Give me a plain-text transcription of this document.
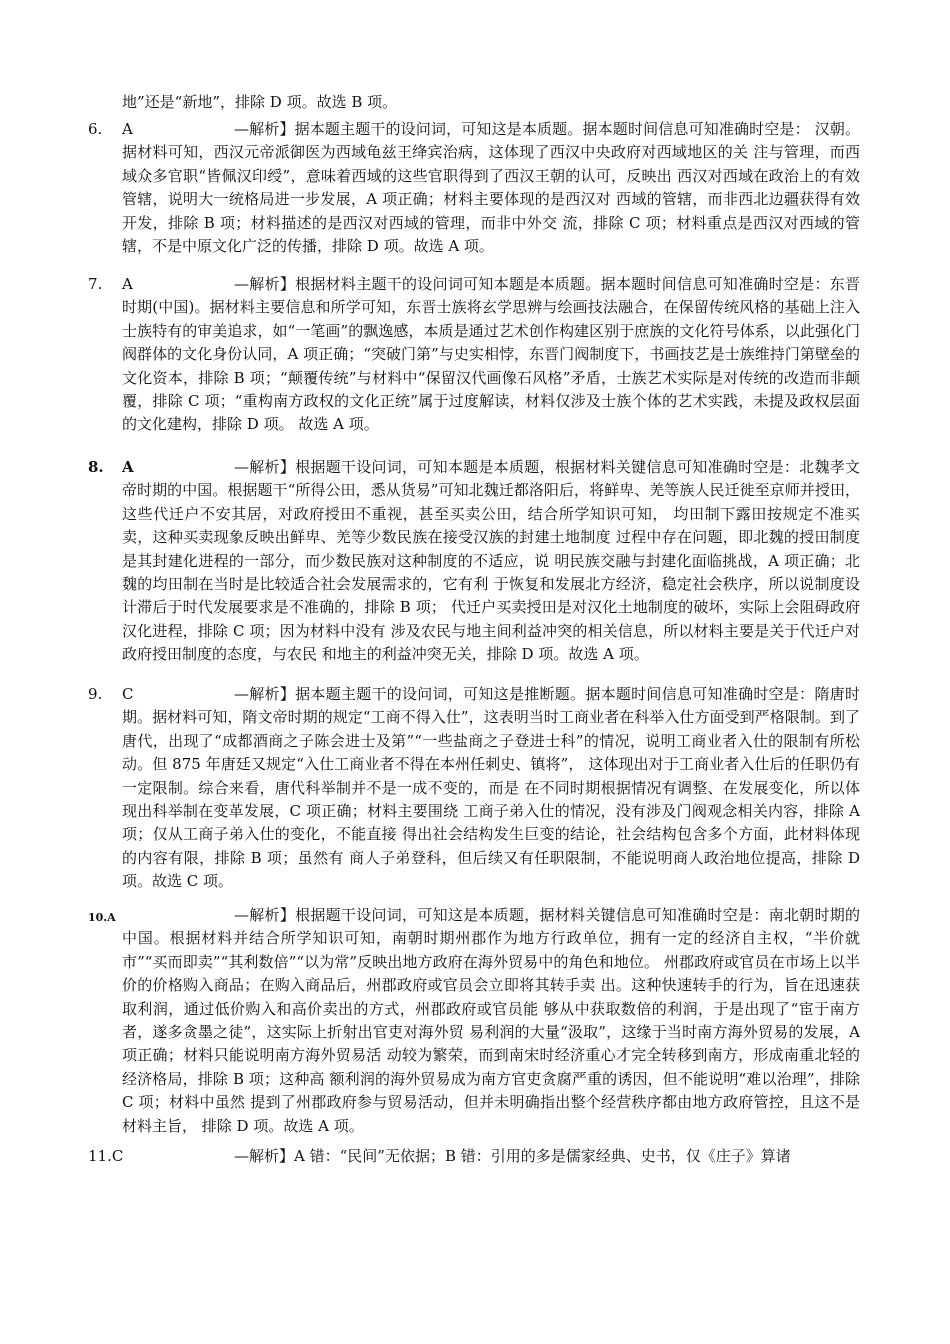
地”还是“新地”，排除 D 项。故选 B 项。
6.	A	—解析】据本题主题干的设问词，可知这是本质题。据本题时间信息可知准确时空是： 汉朝。据材料可知，西汉元帝派御医为西域龟兹王绛宾治病，这体现了西汉中央政府对西域地区的关 注与管理，而西域众多官职“皆佩汉印绶”，意味着西域的这些官职得到了西汉王朝的认可，反映出 西汉对西域在政治上的有效管辖，说明大一统格局进一步发展，A 项正确；材料主要体现的是西汉对 西域的管辖，而非西北边疆获得有效开发，排除 B 项；材料描述的是西汉对西域的管理，而非中外交 流，排除 C 项；材料重点是西汉对西域的管辖，不是中原文化广泛的传播，排除 D 项。故选 A 项。
7.	A	—解析】根据材料主题干的设问词可知本题是本质题。据本题时间信息可知准确时空是：东晋时期(中国)。据材料主要信息和所学可知，东晋士族将玄学思辨与绘画技法融合，在保留传统风格的基础上注入士族特有的审美追求，如“一笔画”的飘逸感，本质是通过艺术创作构建区别于庶族的文化符号体系，以此强化门阀群体的文化身份认同，A 项正确；“突破门第”与史实相悖，东晋门阀制度下，书画技艺是士族维持门第壁垒的文化资本，排除 B 项；“颠覆传统”与材料中“保留汉代画像石风格”矛盾，士族艺术实际是对传统的改造而非颠覆，排除 C 项；“重构南方政权的文化正统”属于过度解读，材料仅涉及士族个体的艺术实践，未提及政权层面的文化建构，排除 D 项。 故选 A 项。
8.	A	—解析】根据题干设问词，可知本题是本质题，根据材料关键信息可知准确时空是：北魏孝文帝时期的中国。根据题干“所得公田，悉从货易”可知北魏迁都洛阳后，将鲜卑、羌等族人民迁徙至京师并授田，这些代迁户不安其居，对政府授田不重视，甚至买卖公田，结合所学知识可知， 均田制下露田按规定不准买卖，这种买卖现象反映出鲜卑、羌等少数民族在接受汉族的封建土地制度 过程中存在问题，即北魏的授田制度是其封建化进程的一部分，而少数民族对这种制度的不适应，说 明民族交融与封建化面临挑战，A 项正确；北魏的均田制在当时是比较适合社会发展需求的，它有利 于恢复和发展北方经济，稳定社会秩序，所以说制度设计滞后于时代发展要求是不准确的，排除 B 项； 代迁户买卖授田是对汉化土地制度的破坏，实际上会阻碍政府汉化进程，排除 C 项；因为材料中没有 涉及农民与地主间利益冲突的相关信息，所以材料主要是关于代迁户对政府授田制度的态度，与农民 和地主的利益冲突无关，排除 D 项。故选 A 项。
9.	C	—解析】据本题主题干的设问词，可知这是推断题。据本题时间信息可知准确时空是：隋唐时期。据材料可知，隋文帝时期的规定“工商不得入仕”，这表明当时工商业者在科举入仕方面受到严格限制。到了唐代，出现了“成都酒商之子陈会进士及第”“一些盐商之子登进士科”的情况，说明工商业者入仕的限制有所松动。但 875 年唐廷又规定“入仕工商业者不得在本州任刺史、镇将”， 这体现出对于工商业者入仕后的任职仍有一定限制。综合来看，唐代科举制并不是一成不变的，而是 在不同时期根据情况有调整、在发展变化，所以体现出科举制在变革发展，C 项正确；材料主要围绕 工商子弟入仕的情况，没有涉及门阀观念相关内容，排除 A 项；仅从工商子弟入仕的变化，不能直接 得出社会结构发生巨变的结论，社会结构包含多个方面，此材料体现的内容有限，排除 B 项；虽然有 商人子弟登科，但后续又有任职限制，不能说明商人政治地位提高，排除 D 项。故选 C 项。
10.A	—解析】根据题干设问词，可知这是本质题，据材料关键信息可知准确时空是：南北朝时期的中国。根据材料并结合所学知识可知，南朝时期州郡作为地方行政单位，拥有一定的经济自主权，“半价就市”“买而即卖”“其利数倍”“以为常”反映出地方政府在海外贸易中的角色和地位。 州郡政府或官员在市场上以半价的价格购入商品；在购入商品后，州郡政府或官员会立即将其转手卖 出。这种快速转手的行为，旨在迅速获取利润，通过低价购入和高价卖出的方式，州郡政府或官员能 够从中获取数倍的利润，于是出现了“宦于南方者，遂多贪墨之徒”，这实际上折射出官吏对海外贸 易利润的大量“汲取”，这缘于当时南方海外贸易的发展，A 项正确；材料只能说明南方海外贸易活 动较为繁荣，而到南宋时经济重心才完全转移到南方，形成南重北轻的经济格局，排除 B 项；这种高 额利润的海外贸易成为南方官吏贪腐严重的诱因，但不能说明“难以治理”，排除 C 项；材料中虽然 提到了州郡政府参与贸易活动，但并未明确指出整个经营秩序都由地方政府管控，且这不是材料主旨， 排除 D 项。故选 A 项。
11.C	—解析】A 错：“民间”无依据；B 错：引用的多是儒家经典、史书，仅《庄子》算诸
